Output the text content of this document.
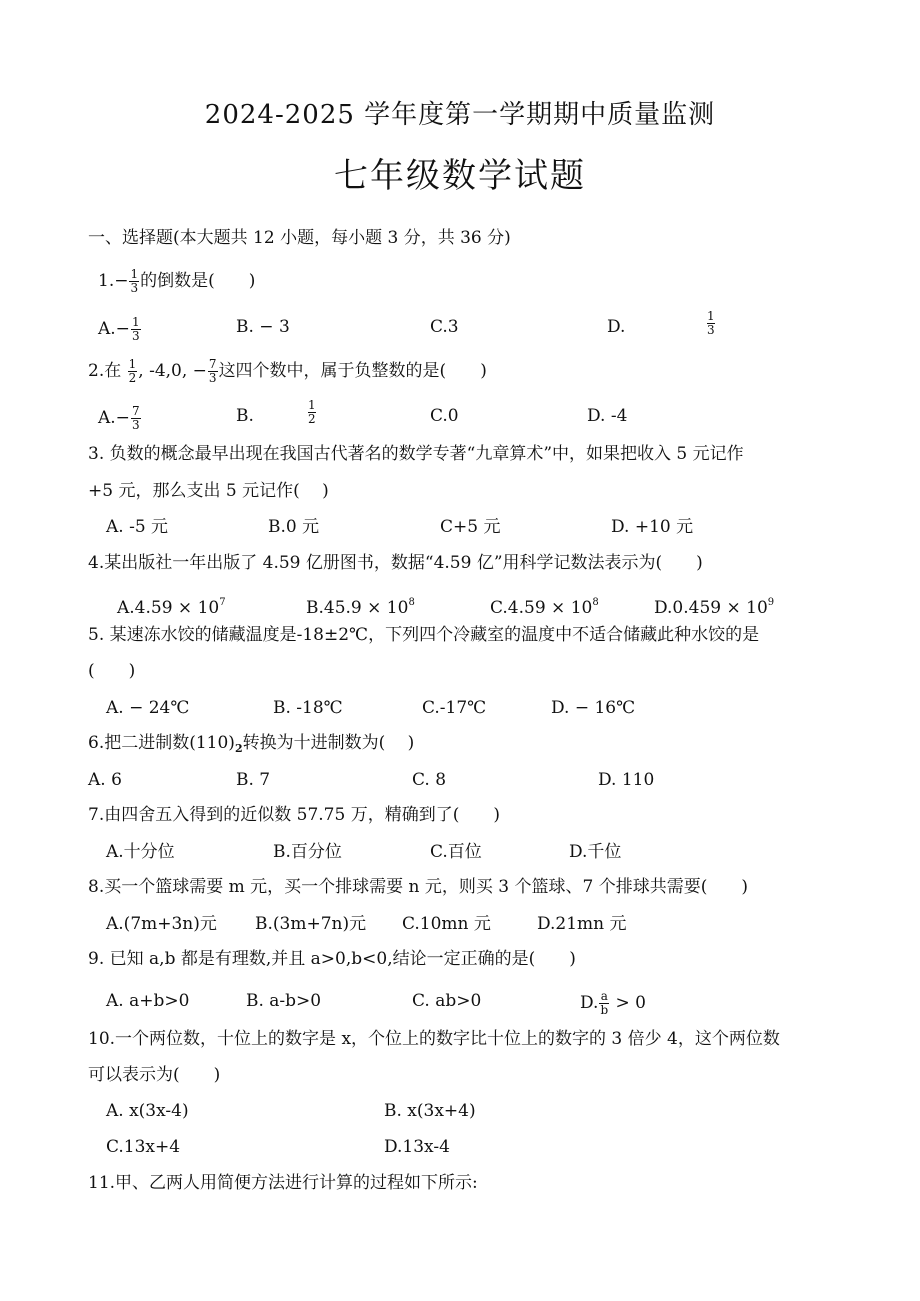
2024-2025 学年度第一学期期中质量监测
七年级数学试题
一、选择题(本大题共 12 小题，每小题 3 分，共 36 分)
$1.- \frac{1}{3}$ 的倒数是(　　)
$A.- \frac{1}{3}$	B. − 3	C.3	D.
1
3
2.在 $\frac{1}{2}$ , -4,0, − $\frac{7}{3}$ 这四个数中，属于负整数的是(　　)
$A.- \frac{7}{3}$	B.
1
2	C.0	D. -4
3. 负数的概念最早出现在我国古代著名的数学专著“九章算术”中，如果把收入 5 元记作
+5 元，那么支出 5 元记作(　 )
A. -5 元	B.0 元	C+5 元	D. +10 元
4.某出版社一年出版了 4.59 亿册图书，数据“4.59 亿”用科学记数法表示为(　　)
$A.4.59 \times 10^7$	$B.45.9 \times 10^8$	$C.4.59 \times 10^8$	$D.0.459 \times 10^9$
5. 某速冻水饺的储藏温度是-18±2℃，下列四个冷藏室的温度中不适合储藏此种水饺的是
(　　)
A. − 24℃	B. -18℃	C.-17℃	D. − 16℃
6.把二进制数$(110)_2$转换为十进制数为(　 )
A. 6	B. 7	C. 8	D. 110
7.由四舍五入得到的近似数 57.75 万，精确到了(　　)
A.十分位	B.百分位	C.百位	D.千位
8.买一个篮球需要 m 元，买一个排球需要 n 元，则买 3 个篮球、7 个排球共需要(　　)
A.(7m+3n)元 B.(3m+7n)元 C.10mn 元	D.21mn 元
9. 已知 a,b 都是有理数,并且 a>0,b<0,结论一定正确的是(　　)
A. a+b>0	B. a-b>0	C. ab>0	D. $\frac{a}{b} > 0$
10.一个两位数，十位上的数字是 x，个位上的数字比十位上的数字的 3 倍少 4，这个两位数
可以表示为(　　)
A. x(3x-4)	B. x(3x+4)
C.13x+4	D.13x-4
11.甲、乙两人用简便方法进行计算的过程如下所示:
